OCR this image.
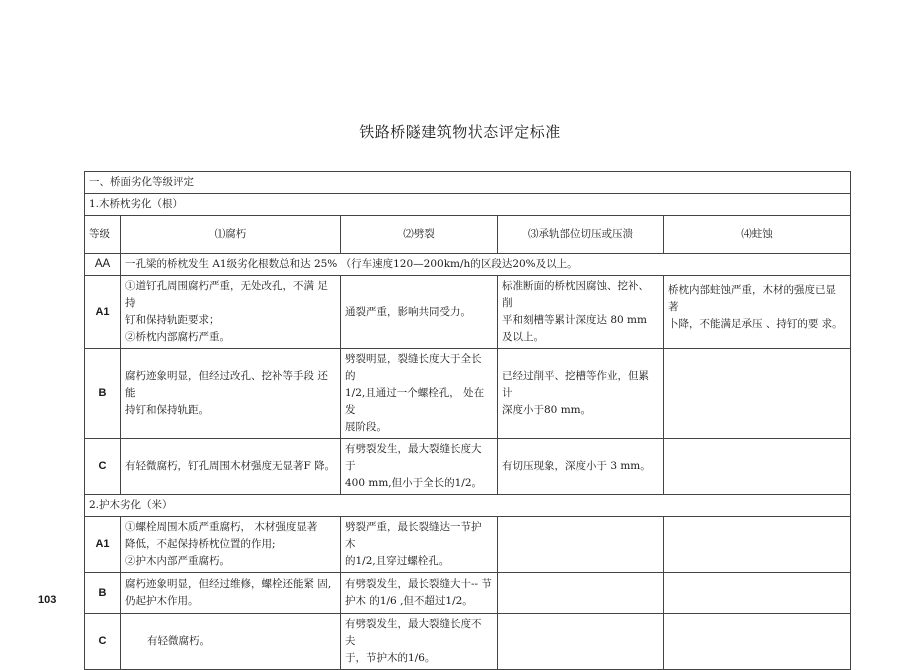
铁路桥隧建筑物状态评定标准
一、桥面劣化等级评定				
1.木桥枕劣化（根）				
等级	⑴腐朽	⑵劈裂	⑶承轨部位切压或压溃	⑷蛀蚀
AA	一孔梁的桥枕发生 A1级劣化根数总和达 25% （行车速度120—200km/h的区段达20%及以上。			
A1	①道钉孔周围腐朽严重，无处改孔，不满 足持
钉和保持轨距要求；
②桥枕内部腐朽严重。	通裂严重，影响共同受力。	标准断面的桥枕因腐蚀、挖补、 削
平和刻槽等累计深度达 80 mm
及以上。	桥枕内部蛀蚀严重，木材的强度已显 著
卜降，不能满足承压 、持钉的要 求。

B	腐朽迹象明显，但经过改孔、挖补等手段 还能
持钉和保持轨距。	劈裂明显，裂缝长度大于全长 的
1/2,且通过一个螺栓孔， 处在发
展阶段。	已经过削平、挖槽等作业，但累 计
深度小于80 mm。	

C	有轻微腐朽，钉孔周围木材强度无显著F 降。	有劈裂发生，最大裂缝长度大 于
400 mm,但小于全长的1/2。	有切压现象，深度小于 3 mm。	
2.护木劣化（米）				
A1	①螺栓周围木质严重腐朽， 木材强度显著
降低，不起保持桥枕位置的作用;
②护木内部严重腐朽。	劈裂严重，最长裂缝达一节护 木
的1/2,且穿过螺栓孔。		

B	腐朽迹象明显，但经过维修，螺栓还能紧 固,
仍起护木作用。	有劈裂发生，最长裂缝大十-- 节
护木 的1/6 ,但不超过1/2。		

C	有轻微腐朽。	有劈裂发生，最大裂缝长度不 夫
于，节护木的1/6。		

103
